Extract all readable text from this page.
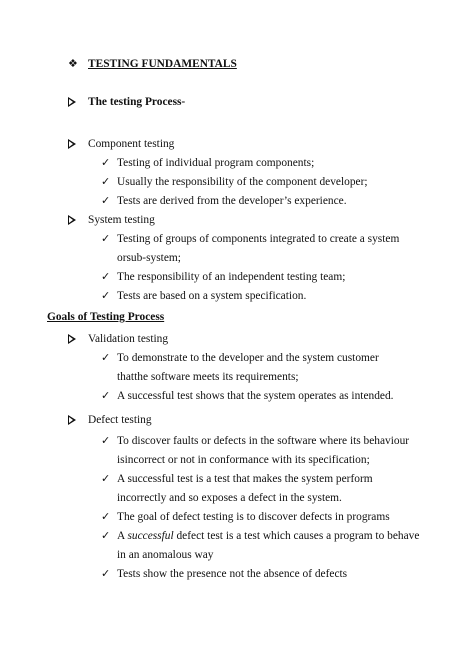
❖ TESTING FUNDAMENTALS
The testing Process-
Component testing
✓ Testing of individual program components;
✓ Usually the responsibility of the component developer;
✓ Tests are derived from the developer’s experience.
System testing
✓ Testing of groups of components integrated to create a system
orsub-system;
✓ The responsibility of an independent testing team;
✓ Tests are based on a system specification.
Goals of Testing Process
Validation testing
✓ To demonstrate to the developer and the system customer
thatthe software meets its requirements;
✓ A successful test shows that the system operates as intended.
Defect testing
✓ To discover faults or defects in the software where its behaviour
isincorrect or not in conformance with its specification;
✓ A successful test is a test that makes the system perform
incorrectly and so exposes a defect in the system.
✓ The goal of defect testing is to discover defects in programs
✓ A successful defect test is a test which causes a program to behave
in an anomalous way
✓ Tests show the presence not the absence of defects
